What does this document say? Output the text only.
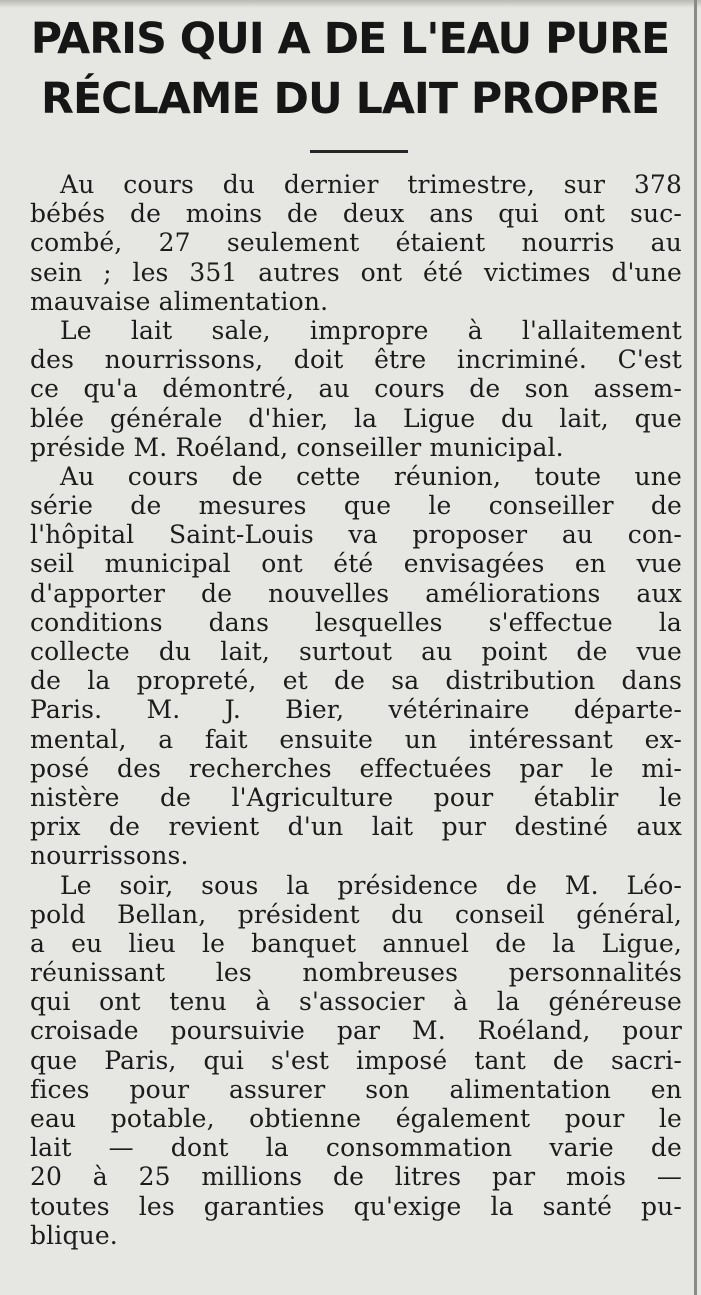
PARIS QUI A DE L'EAU PURE
RÉCLAME DU LAIT PROPRE
Au cours du dernier trimestre, sur 378
bébés de moins de deux ans qui ont suc-
combé, 27 seulement étaient nourris au
sein ; les 351 autres ont été victimes d'une
mauvaise alimentation.
Le lait sale, impropre à l'allaitement
des nourrissons, doit être incriminé. C'est
ce qu'a démontré, au cours de son assem-
blée générale d'hier, la Ligue du lait, que
préside M. Roéland, conseiller municipal.
Au cours de cette réunion, toute une
série de mesures que le conseiller de
l'hôpital Saint-Louis va proposer au con-
seil municipal ont été envisagées en vue
d'apporter de nouvelles améliorations aux
conditions dans lesquelles s'effectue la
collecte du lait, surtout au point de vue
de la propreté, et de sa distribution dans
Paris. M. J. Bier, vétérinaire départe-
mental, a fait ensuite un intéressant ex-
posé des recherches effectuées par le mi-
nistère de l'Agriculture pour établir le
prix de revient d'un lait pur destiné aux
nourrissons.
Le soir, sous la présidence de M. Léo-
pold Bellan, président du conseil général,
a eu lieu le banquet annuel de la Ligue,
réunissant les nombreuses personnalités
qui ont tenu à s'associer à la généreuse
croisade poursuivie par M. Roéland, pour
que Paris, qui s'est imposé tant de sacri-
fices pour assurer son alimentation en
eau potable, obtienne également pour le
lait — dont la consommation varie de
20 à 25 millions de litres par mois —
toutes les garanties qu'exige la santé pu-
blique.
